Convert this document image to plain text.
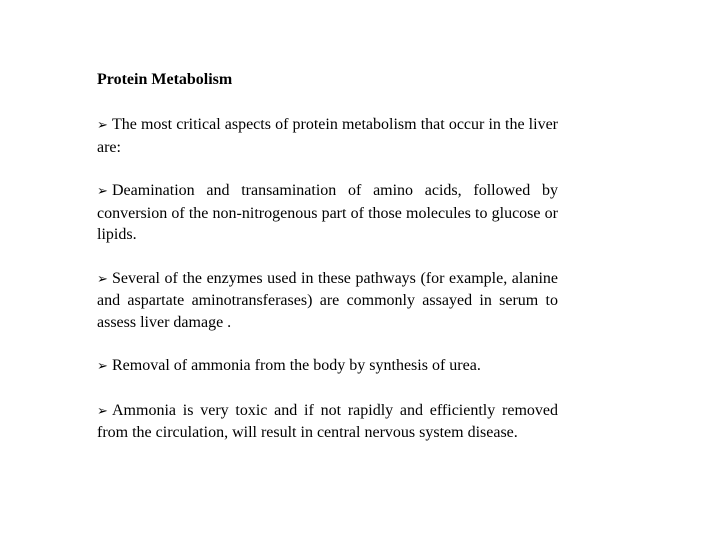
Protein Metabolism

➢ The most critical aspects of protein metabolism that occur in the liver are:

➢ Deamination and transamination of amino acids, followed by conversion of the non-nitrogenous part of those molecules to glucose or lipids.

➢ Several of the enzymes used in these pathways (for example, alanine and aspartate aminotransferases) are commonly assayed in serum to assess liver damage .

➢ Removal of ammonia from the body by synthesis of urea.

➢ Ammonia is very toxic and if not rapidly and efficiently removed from the circulation, will result in central nervous system disease.
